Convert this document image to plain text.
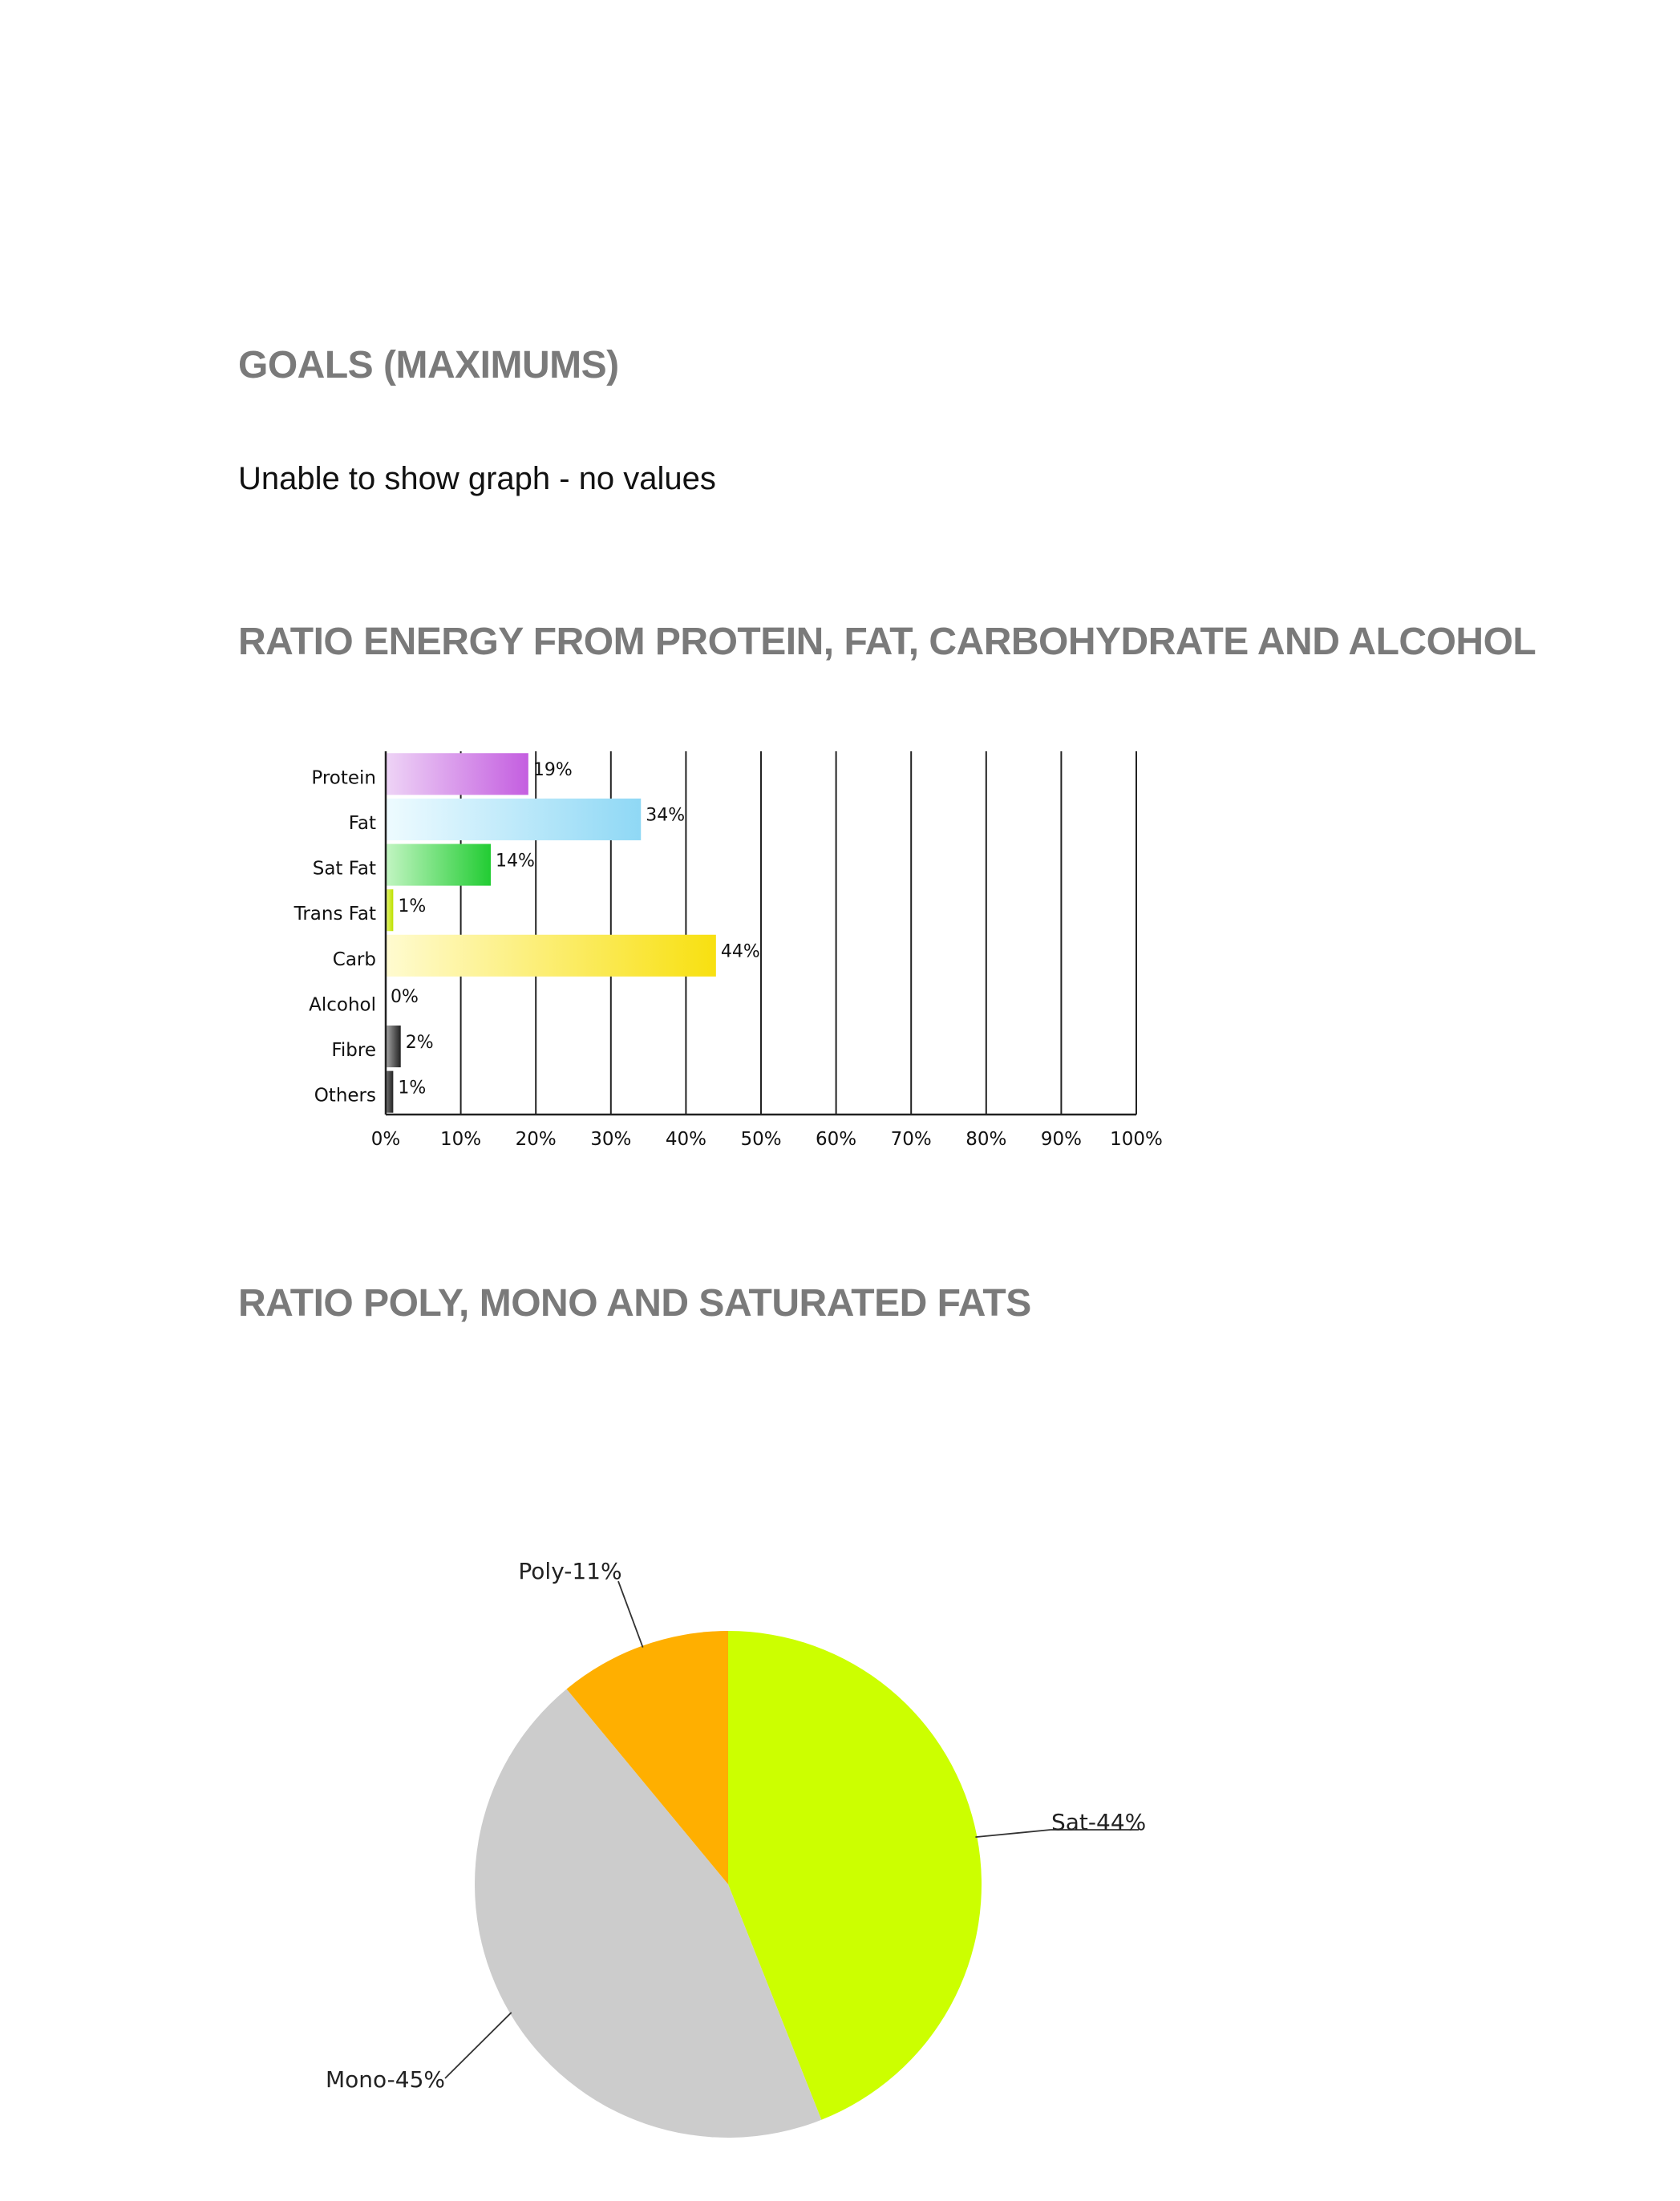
GOALS (MAXIMUMS)

Unable to show graph - no values

RATIO ENERGY FROM PROTEIN, FAT, CARBOHYDRATE AND ALCOHOL
0% 10% 20% 30% 40% 50% 60% 70% 80% 90% 100%
Protein	19%
Fat	34%
Sat Fat	14%
Trans Fat 1%
Carb	44%
Alcohol 0%
Fibre 2%
Others 1%
RATIO POLY, MONO AND SATURATED FATS
Sat-44%
Mono-45%
Poly-11%
